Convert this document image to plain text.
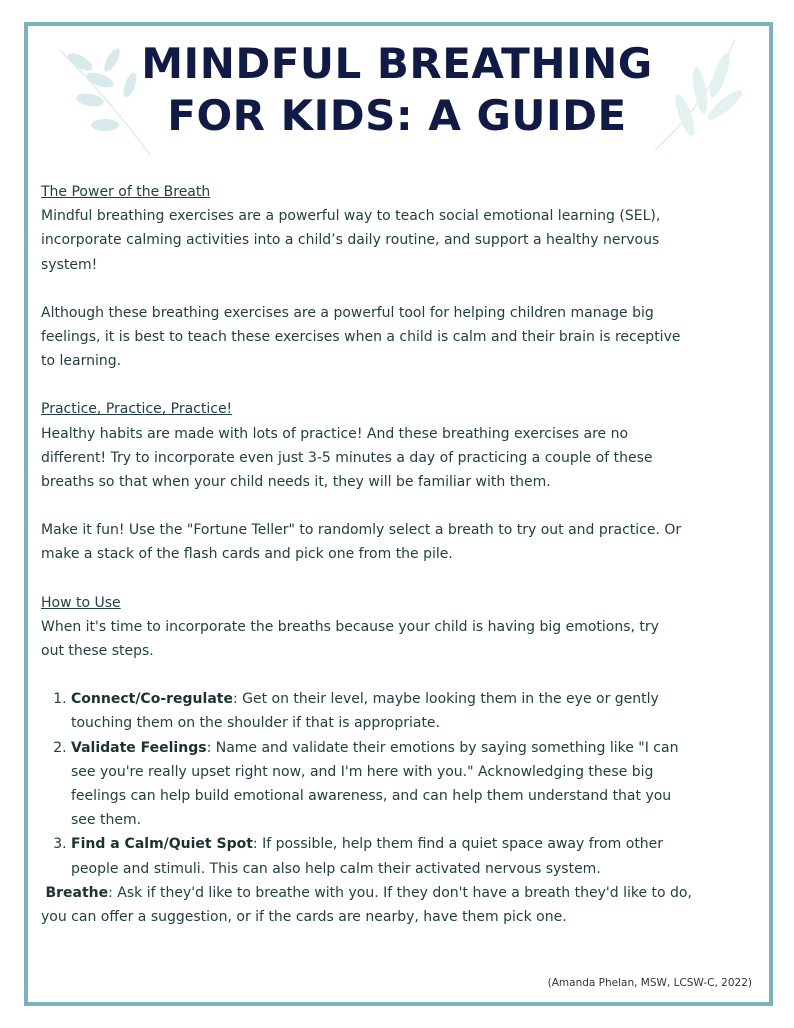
MINDFUL BREATHING
FOR KIDS: A GUIDE
The Power of the Breath
Mindful breathing exercises are a powerful way to teach social emotional learning (SEL),
incorporate calming activities into a child’s daily routine, and support a healthy nervous
system!
Although these breathing exercises are a powerful tool for helping children manage big
feelings, it is best to teach these exercises when a child is calm and their brain is receptive
to learning.
Practice, Practice, Practice!
Healthy habits are made with lots of practice! And these breathing exercises are no
different! Try to incorporate even just 3-5 minutes a day of practicing a couple of these
breaths so that when your child needs it, they will be familiar with them.
Make it fun! Use the "Fortune Teller" to randomly select a breath to try out and practice. Or
make a stack of the flash cards and pick one from the pile.
How to Use
When it's time to incorporate the breaths because your child is having big emotions, try
out these steps.
1. Connect/Co-regulate: Get on their level, maybe looking them in the eye or gently
touching them on the shoulder if that is appropriate.
2. Validate Feelings: Name and validate their emotions by saying something like "I can
see you're really upset right now, and I'm here with you." Acknowledging these big
feelings can help build emotional awareness, and can help them understand that you
see them.
3. Find a Calm/Quiet Spot: If possible, help them find a quiet space away from other
people and stimuli. This can also help calm their activated nervous system.
Breathe: Ask if they'd like to breathe with you. If they don't have a breath they'd like to do,
you can offer a suggestion, or if the cards are nearby, have them pick one.
(Amanda Phelan, MSW, LCSW-C, 2022)
